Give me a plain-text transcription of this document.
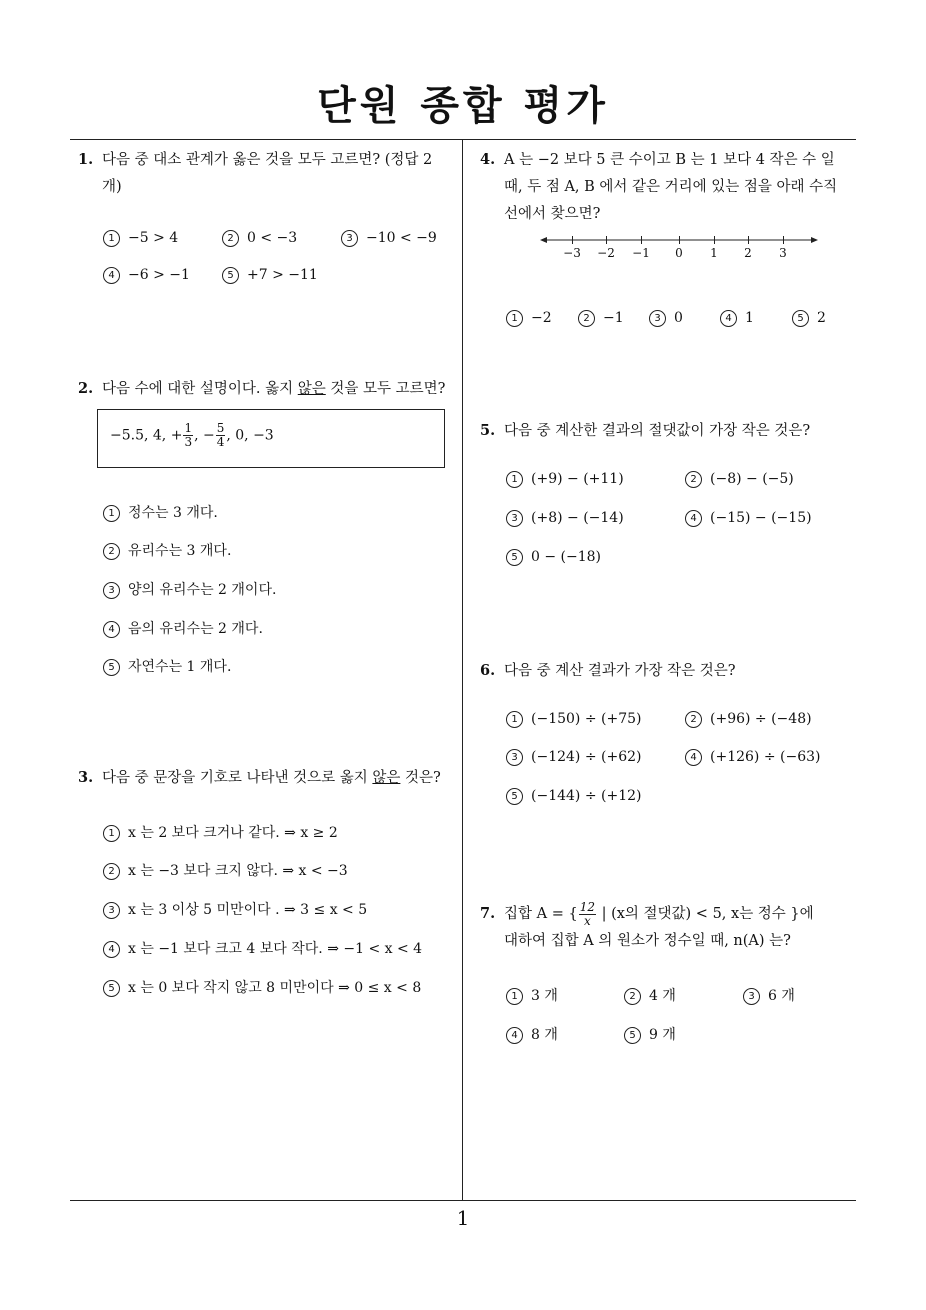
단원 종합 평가
1
1. 다음 중 대소 관계가 옳은 것을 모두 고르면? (정답 2
개)
1 −5 > 4	2 0 < −3	3 −10 < −9
4 −6 > −1	5 +7 > −11
2. 다음 수에 대한 설명이다. 옳지 않은 것을 모두 고르면?
−5.5, 4, + $\frac{1}{3}$ , − $\frac{5}{4}$ , 0, −3
1 정수는 3 개다.
2 유리수는 3 개다.
3 양의 유리수는 2 개이다.
4 음의 유리수는 2 개다.
5 자연수는 1 개다.
3. 다음 중 문장을 기호로 나타낸 것으로 옳지 않은 것은?
1 x 는 2 보다 크거나 같다. ⇒ x ≥ 2
2 x 는 −3 보다 크지 않다. ⇒ x < −3
3 x 는 3 이상 5 미만이다 . ⇒ 3 ≤ x < 5
4 x 는 −1 보다 크고 4 보다 작다. ⇒ −1 < x < 4
5 x 는 0 보다 작지 않고 8 미만이다 ⇒ 0 ≤ x < 8
4. A 는 −2 보다 5 큰 수이고 B 는 1 보다 4 작은 수 일
때, 두 점 A, B 에서 같은 거리에 있는 점을 아래 수직
선에서 찾으면?
−3 −2 −1	0	1	2	3
1 −2	2 −1	3 0	4 1	5 2
5. 다음 중 계산한 결과의 절댓값이 가장 작은 것은?
1 (+9) − (+11)	2 (−8) − (−5)
3 (+8) − (−14)	4 (−15) − (−15)
5 0 − (−18)
6. 다음 중 계산 결과가 가장 작은 것은?
1 (−150) ÷ (+75)	2 (+96) ÷ (−48)
3 (−124) ÷ (+62)	4 (+126) ÷ (−63)
5 (−144) ÷ (+12)
7. 집합 A = { $\frac{12}{x}$ | (x의 절댓값) < 5, x는 정수 }에
대하여 집합 A 의 원소가 정수일 때, n(A) 는?
1 3 개	2 4 개	3 6 개
4 8 개	5 9 개
